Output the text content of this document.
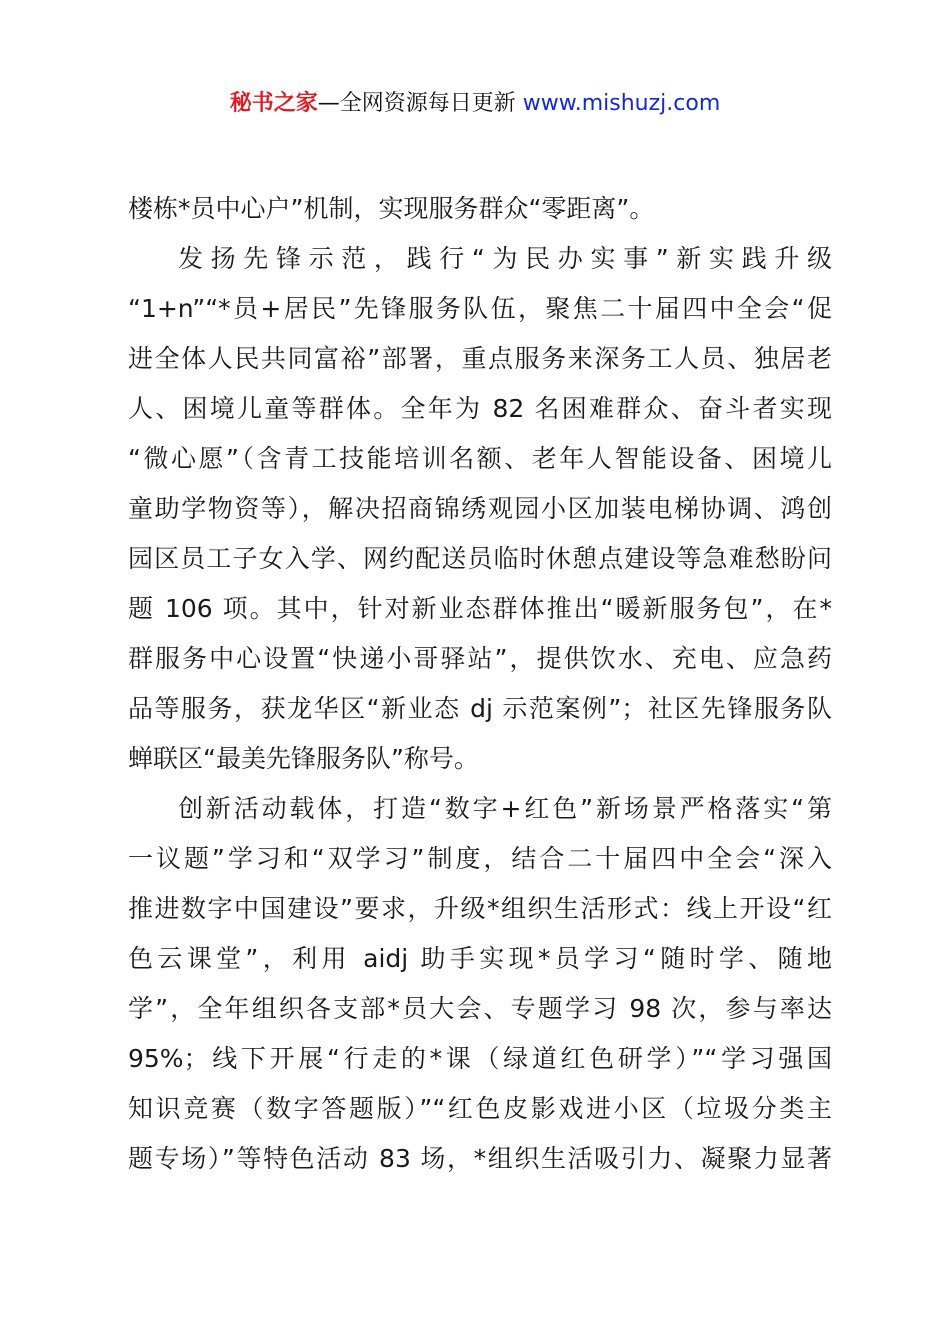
秘书之家—全网资源每日更新 www.mishuzj.com
楼栋*员中心户”机制，实现服务群众“零距离”。
发扬先锋示范，践行“为民办实事”新实践升级
“1+n”“*员+居民”先锋服务队伍，聚焦二十届四中全会“促
进全体人民共同富裕”部署，重点服务来深务工人员、独居老
人、困境儿童等群体。全年为 82 名困难群众、奋斗者实现
“微心愿”（含青工技能培训名额、老年人智能设备、困境儿
童助学物资等），解决招商锦绣观园小区加装电梯协调、鸿创
园区员工子女入学、网约配送员临时休憩点建设等急难愁盼问
题 106 项。其中，针对新业态群体推出“暖新服务包”，在*
群服务中心设置“快递小哥驿站”，提供饮水、充电、应急药
品等服务，获龙华区“新业态 dj 示范案例”；社区先锋服务队
蝉联区“最美先锋服务队”称号。
创新活动载体，打造“数字+红色”新场景严格落实“第
一议题”学习和“双学习”制度，结合二十届四中全会“深入
推进数字中国建设”要求，升级*组织生活形式：线上开设“红
色云课堂”，利用 aidj 助手实现*员学习“随时学、随地
学”，全年组织各支部*员大会、专题学习 98 次，参与率达
95%；线下开展“行走的*课（绿道红色研学）”“学习强国
知识竞赛（数字答题版）”“红色皮影戏进小区（垃圾分类主
题专场）”等特色活动 83 场，*组织生活吸引力、凝聚力显著
